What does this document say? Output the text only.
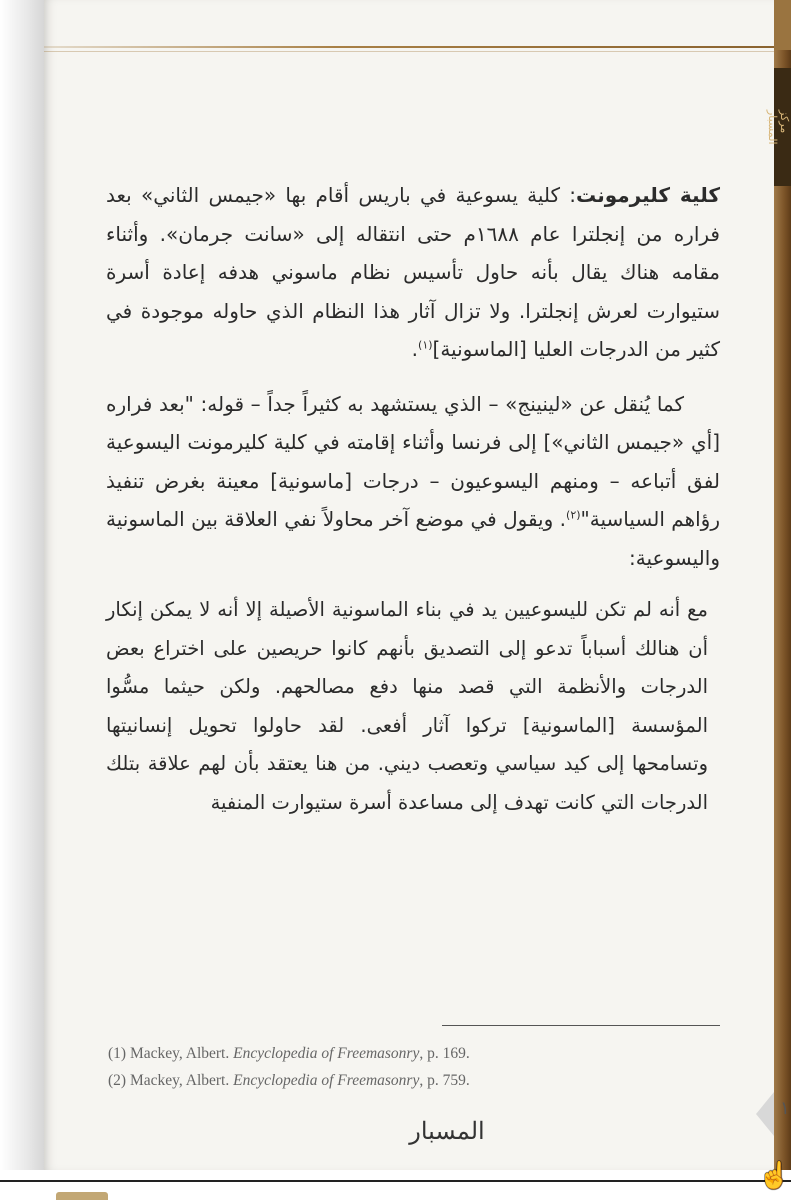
مركز المسبار

كلية كليرمونت: كلية يسوعية في باريس أقام بها «جيمس الثاني» بعد فراره من إنجلترا عام ١٦٨٨م حتى انتقاله إلى «سانت جرمان». وأثناء مقامه هناك يقال بأنه حاول تأسيس نظام ماسوني هدفه إعادة أسرة ستيوارت لعرش إنجلترا. ولا تزال آثار هذا النظام الذي حاوله موجودة في كثير من الدرجات العليا [الماسونية]$^{(١)}$.

كما يُنقل عن «لينينج» – الذي يستشهد به كثيراً جداً – قوله: "بعد فراره [أي «جيمس الثاني»] إلى فرنسا وأثناء إقامته في كلية كليرمونت اليسوعية لفق أتباعه – ومنهم اليسوعيون – درجات [ماسونية] معينة بغرض تنفيذ رؤاهم السياسية"$^{(٢)}$. ويقول في موضع آخر محاولاً نفي العلاقة بين الماسونية واليسوعية:

مع أنه لم تكن لليسوعيين يد في بناء الماسونية الأصيلة إلا أنه لا يمكن إنكار أن هنالك أسباباً تدعو إلى التصديق بأنهم كانوا حريصين على اختراع بعض الدرجات والأنظمة التي قصد منها دفع مصالحهم. ولكن حيثما مسُّوا المؤسسة [الماسونية] تركوا آثار أفعى. لقد حاولوا تحويل إنسانيتها وتسامحها إلى كيد سياسي وتعصب ديني. من هنا يعتقد بأن لهم علاقة بتلك الدرجات التي كانت تهدف إلى مساعدة أسرة ستيوارت المنفية

(1) Mackey, Albert. Encyclopedia of Freemasonry, p. 169.
(2) Mackey, Albert. Encyclopedia of Freemasonry, p. 759.
المسبار
١
☝
